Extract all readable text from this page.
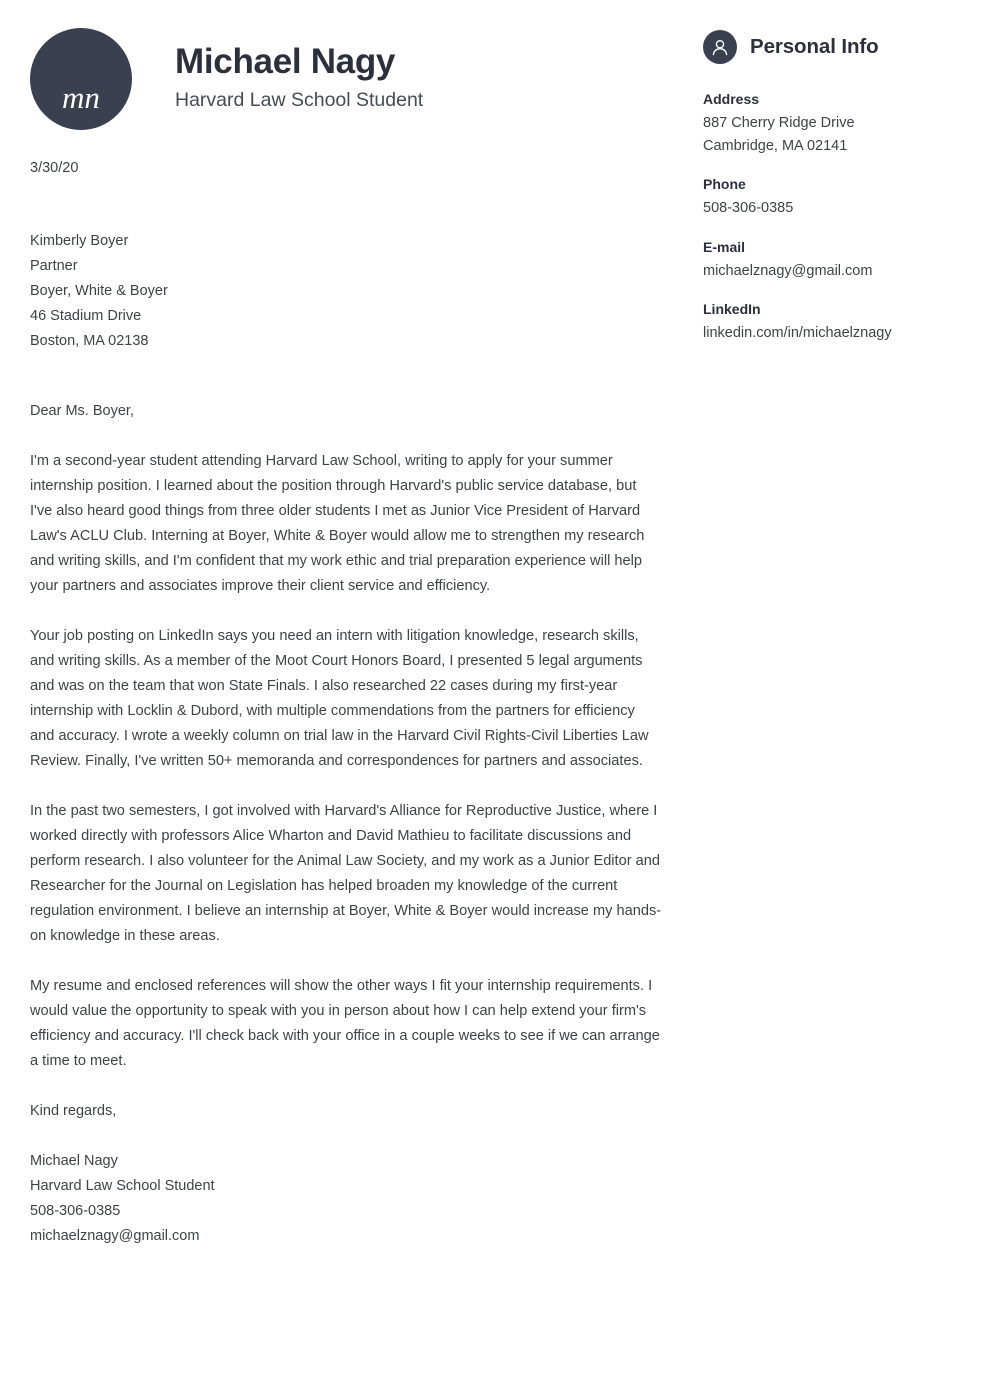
mn
Michael Nagy
Harvard Law School Student
3/30/20
Kimberly Boyer
Partner
Boyer, White & Boyer
46 Stadium Drive
Boston, MA 02138
Dear Ms. Boyer,

I'm a second-year student attending Harvard Law School, writing to apply for your summer internship position. I learned about the position through Harvard's public service database, but I've also heard good things from three older students I met as Junior Vice President of Harvard Law's ACLU Club. Interning at Boyer, White & Boyer would allow me to strengthen my research and writing skills, and I'm confident that my work ethic and trial preparation experience will help your partners and associates improve their client service and efficiency.

Your job posting on LinkedIn says you need an intern with litigation knowledge, research skills, and writing skills. As a member of the Moot Court Honors Board, I presented 5 legal arguments and was on the team that won State Finals. I also researched 22 cases during my first-year internship with Locklin & Dubord, with multiple commendations from the partners for efficiency and accuracy. I wrote a weekly column on trial law in the Harvard Civil Rights-Civil Liberties Law Review. Finally, I've written 50+ memoranda and correspondences for partners and associates.

In the past two semesters, I got involved with Harvard's Alliance for Reproductive Justice, where I worked directly with professors Alice Wharton and David Mathieu to facilitate discussions and perform research. I also volunteer for the Animal Law Society, and my work as a Junior Editor and Researcher for the Journal on Legislation has helped broaden my knowledge of the current regulation environment. I believe an internship at Boyer, White & Boyer would increase my hands-on knowledge in these areas.

My resume and enclosed references will show the other ways I fit your internship requirements. I would value the opportunity to speak with you in person about how I can help extend your firm's efficiency and accuracy. I'll check back with your office in a couple weeks to see if we can arrange a time to meet.

Kind regards,
Michael Nagy
Harvard Law School Student
508-306-0385
michaelznagy@gmail.com
Personal Info
Address
887 Cherry Ridge Drive
Cambridge, MA 02141
Phone
508-306-0385
E-mail
michaelznagy@gmail.com
LinkedIn
linkedin.com/in/michaelznagy
